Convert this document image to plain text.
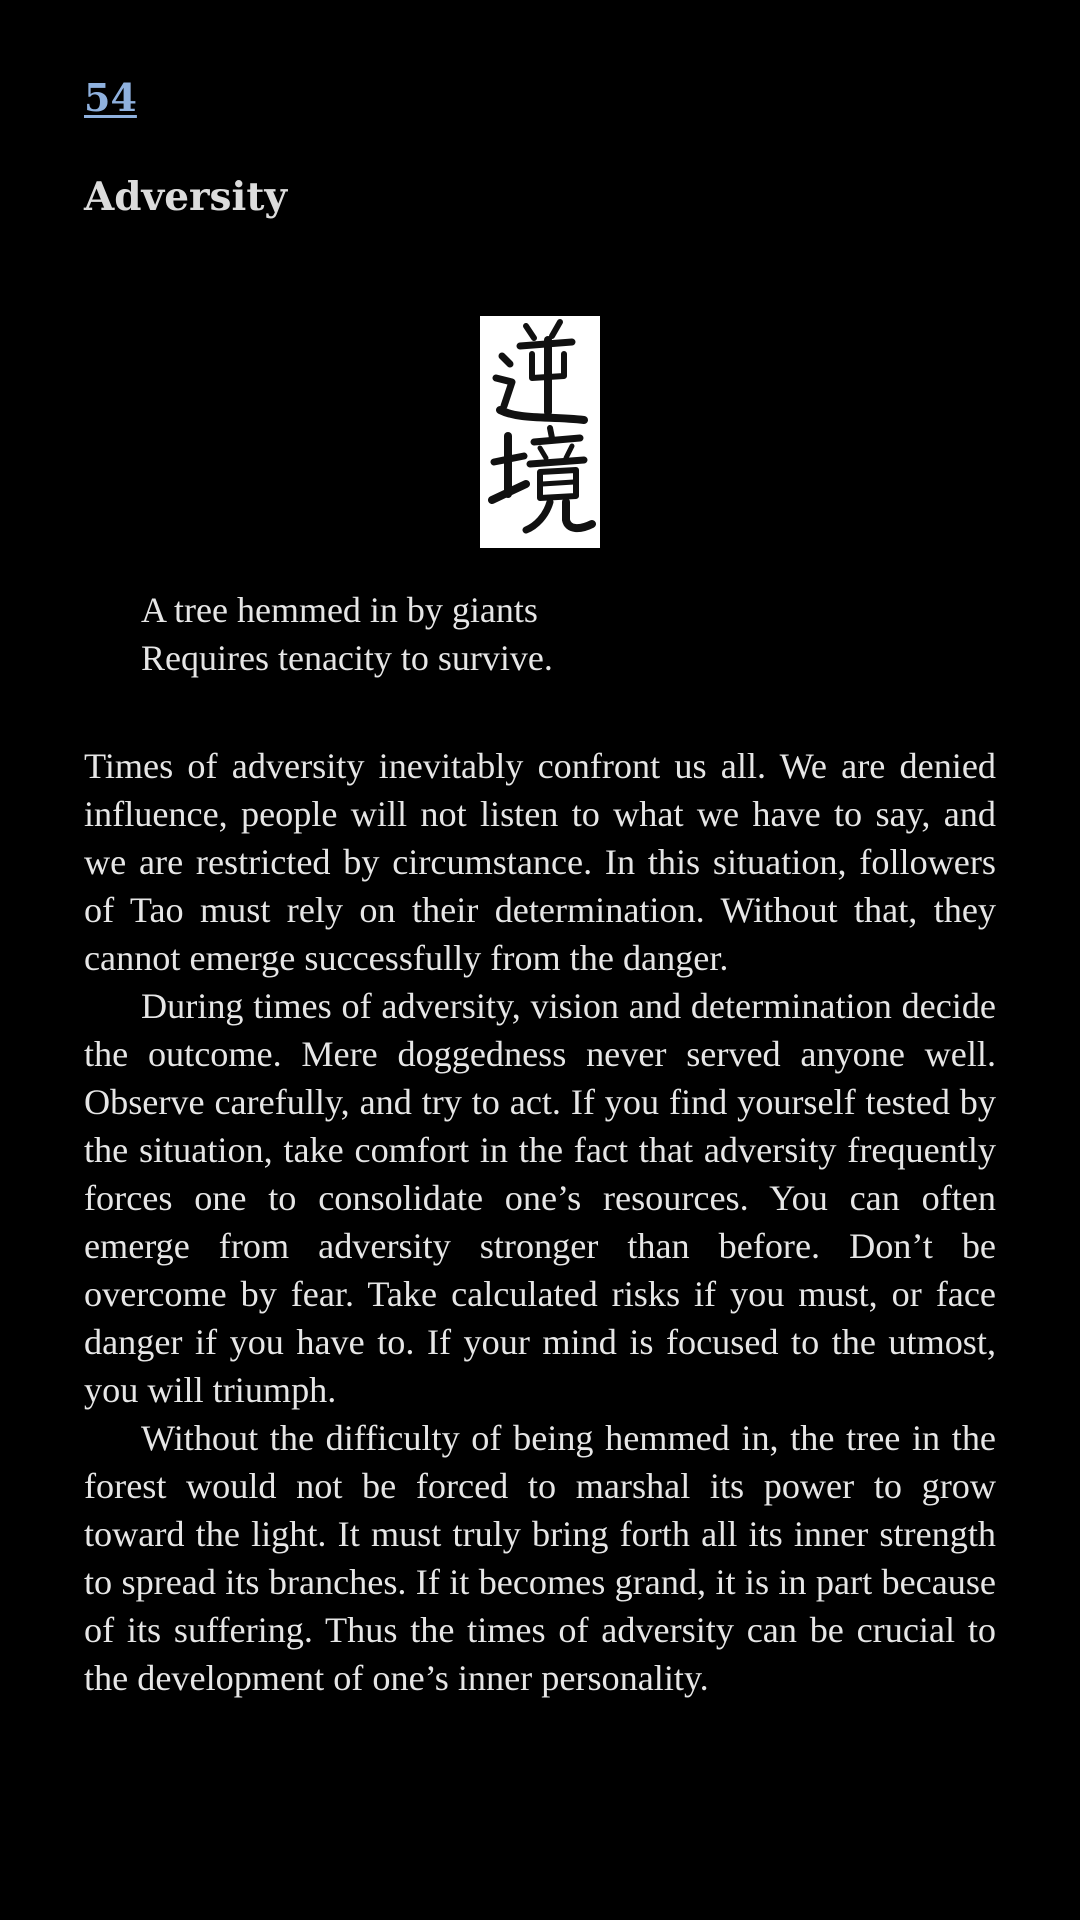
54
Adversity
A tree hemmed in by giants
Requires tenacity to survive.

Times of adversity inevitably confront us all. We are denied influence, people will not listen to what we have to say, and we are restricted by circumstance. In this situation, followers of Tao must rely on their determination. Without that, they cannot emerge successfully from the danger.

During times of adversity, vision and determination decide the outcome. Mere doggedness never served anyone well. Observe carefully, and try to act. If you find yourself tested by the situation, take comfort in the fact that adversity frequently forces one to consolidate one’s resources. You can often emerge from adversity stronger than before. Don’t be overcome by fear. Take calculated risks if you must, or face danger if you have to. If your mind is focused to the utmost, you will triumph.

Without the difficulty of being hemmed in, the tree in the forest would not be forced to marshal its power to grow toward the light. It must truly bring forth all its inner strength to spread its branches. If it becomes grand, it is in part because of its suffering. Thus the times of adversity can be crucial to the development of one’s inner personality.
